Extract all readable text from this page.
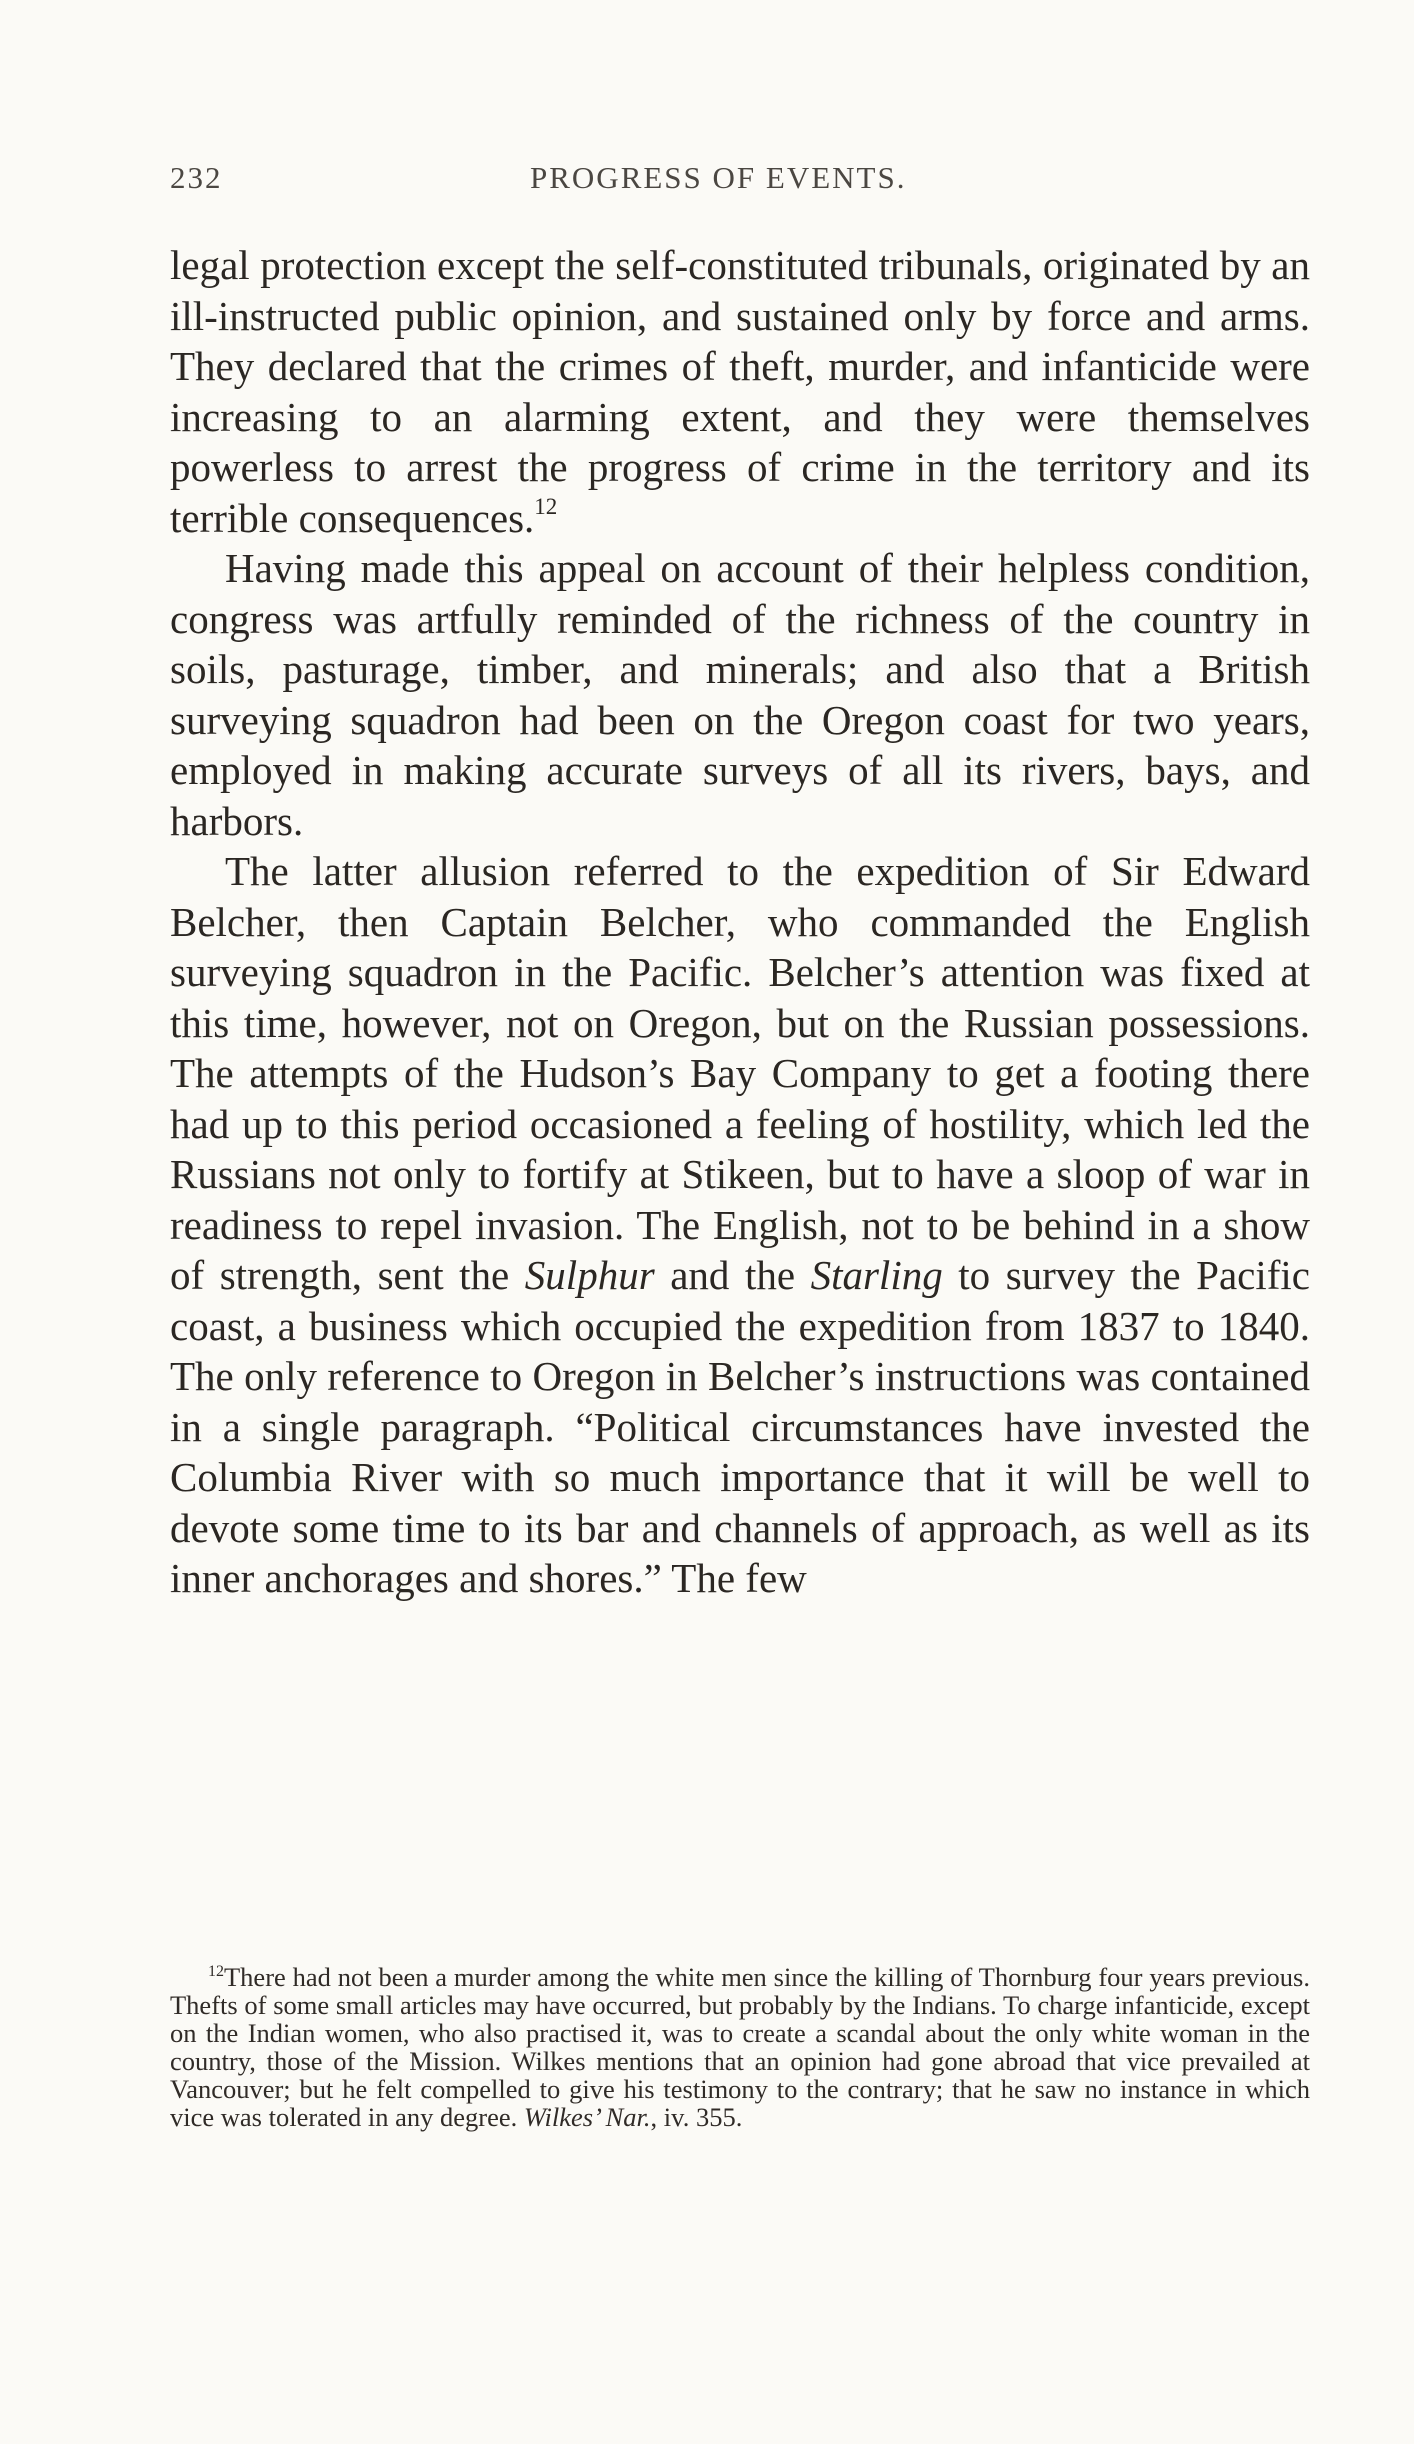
232	PROGRESS OF EVENTS.

legal protection except the self-constituted tribunals, originated by an ill-instructed public opinion, and sustained only by force and arms. They declared that the crimes of theft, murder, and infanticide were increasing to an alarming extent, and they were themselves powerless to arrest the progress of crime in the territory and its terrible consequences.$^{12}$

Having made this appeal on account of their helpless condition, congress was artfully reminded of the richness of the country in soils, pasturage, timber, and minerals; and also that a British surveying squadron had been on the Oregon coast for two years, employed in making accurate surveys of all its rivers, bays, and harbors.

The latter allusion referred to the expedition of Sir Edward Belcher, then Captain Belcher, who commanded the English surveying squadron in the Pacific. Belcher’s attention was fixed at this time, however, not on Oregon, but on the Russian possessions. The attempts of the Hudson’s Bay Company to get a footing there had up to this period occasioned a feeling of hostility, which led the Russians not only to fortify at Stikeen, but to have a sloop of war in readiness to repel invasion. The English, not to be behind in a show of strength, sent the Sulphur and the Starling to survey the Pacific coast, a business which occupied the expedition from 1837 to 1840. The only reference to Oregon in Belcher’s instructions was contained in a single paragraph. “Political circumstances have invested the Columbia River with so much importance that it will be well to devote some time to its bar and channels of approach, as well as its inner anchorages and shores.” The few

$^{12}$There had not been a murder among the white men since the killing of Thornburg four years previous. Thefts of some small articles may have occurred, but probably by the Indians. To charge infanticide, except on the Indian women, who also practised it, was to create a scandal about the only white woman in the country, those of the Mission. Wilkes mentions that an opinion had gone abroad that vice prevailed at Vancouver; but he felt compelled to give his testimony to the contrary; that he saw no instance in which vice was tolerated in any degree. Wilkes’ Nar., iv. 355.
